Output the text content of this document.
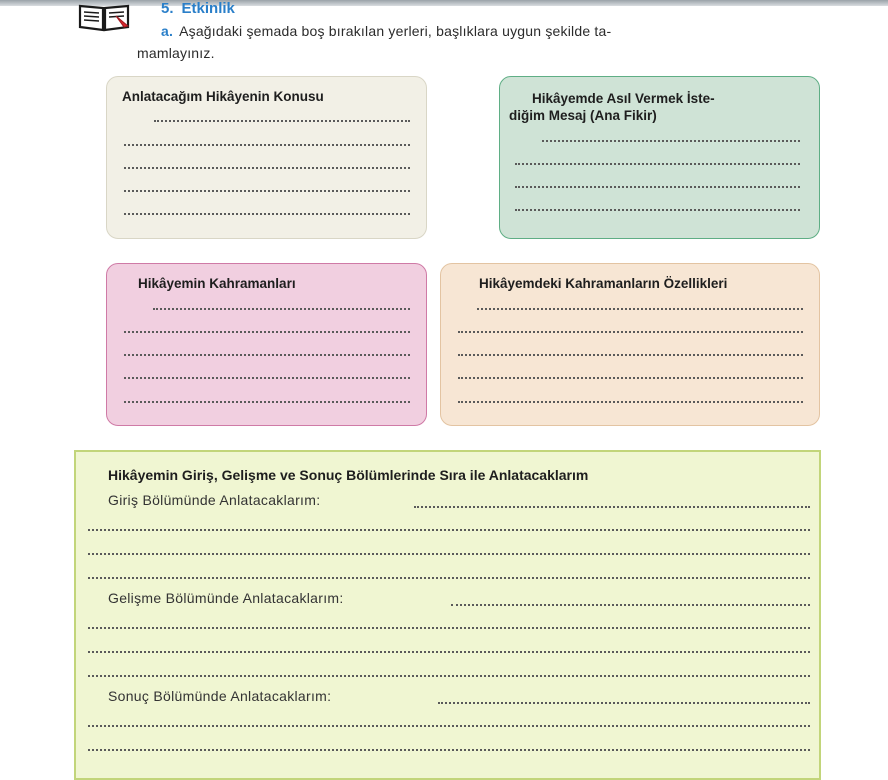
5. Etkinlik
a. Aşağıdaki şemada boş bırakılan yerleri, başlıklara uygun şekilde ta-
mamlayınız.
Anlatacağım Hikâyenin Konusu	Hikâyemde Asıl Vermek İste-
diğim Mesaj (Ana Fikir)
Hikâyemin Kahramanları	Hikâyemdeki Kahramanların Özellikleri
Hikâyemin Giriş, Gelişme ve Sonuç Bölümlerinde Sıra ile Anlatacaklarım
Giriş Bölümünde Anlatacaklarım:
Gelişme Bölümünde Anlatacaklarım:
Sonuç Bölümünde Anlatacaklarım:
